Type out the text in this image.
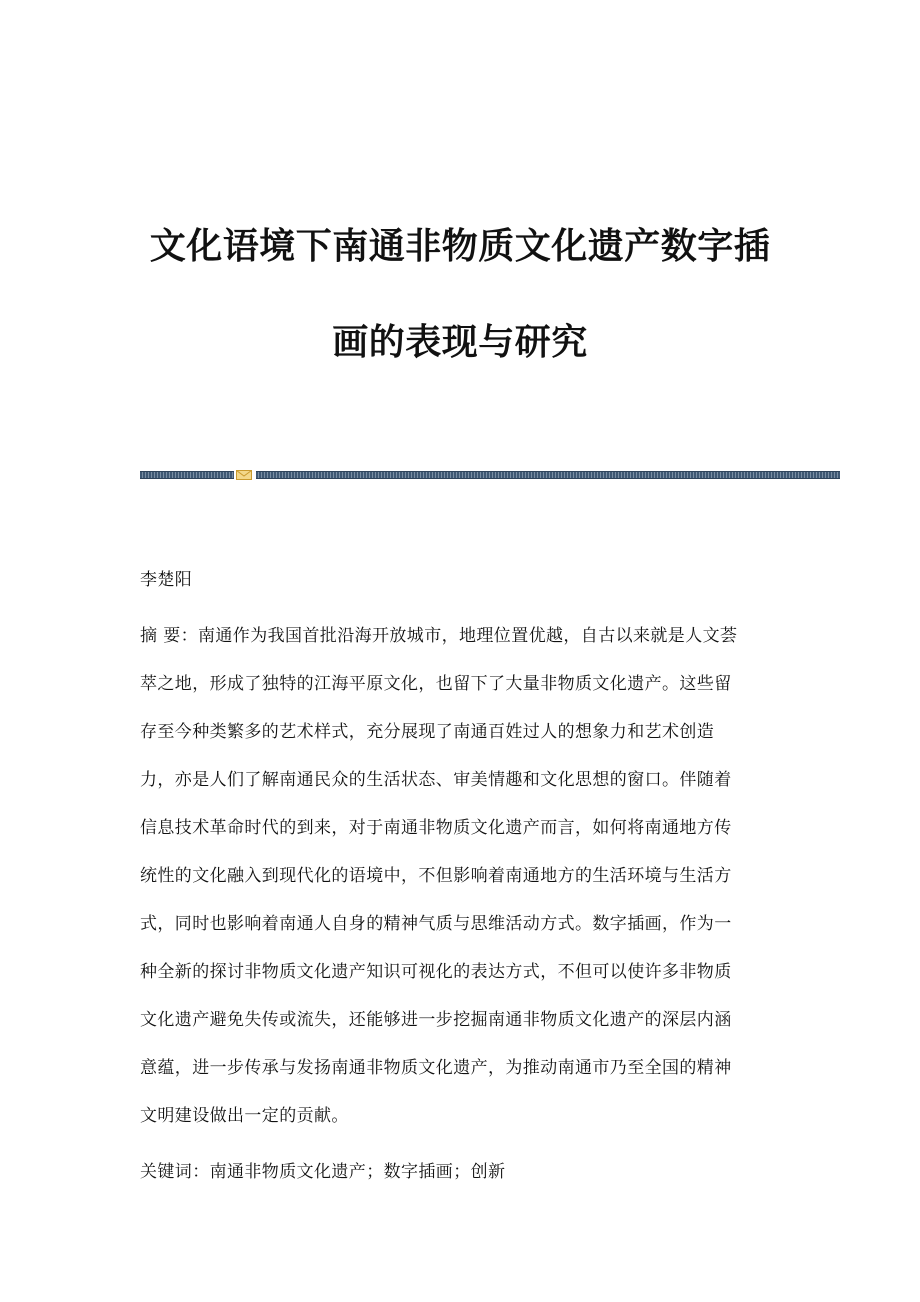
文化语境下南通非物质文化遗产数字插
画的表现与研究
李楚阳
摘 要：南通作为我国首批沿海开放城市，地理位置优越，自古以来就是人文荟
萃之地，形成了独特的江海平原文化，也留下了大量非物质文化遗产。这些留
存至今种类繁多的艺术样式，充分展现了南通百姓过人的想象力和艺术创造
力，亦是人们了解南通民众的生活状态、审美情趣和文化思想的窗口。伴随着
信息技术革命时代的到来，对于南通非物质文化遗产而言，如何将南通地方传
统性的文化融入到现代化的语境中，不但影响着南通地方的生活环境与生活方
式，同时也影响着南通人自身的精神气质与思维活动方式。数字插画，作为一
种全新的探讨非物质文化遗产知识可视化的表达方式，不但可以使许多非物质
文化遗产避免失传或流失，还能够进一步挖掘南通非物质文化遗产的深层内涵
意蕴，进一步传承与发扬南通非物质文化遗产，为推动南通市乃至全国的精神
文明建设做出一定的贡献。
关键词：南通非物质文化遗产；数字插画；创新
